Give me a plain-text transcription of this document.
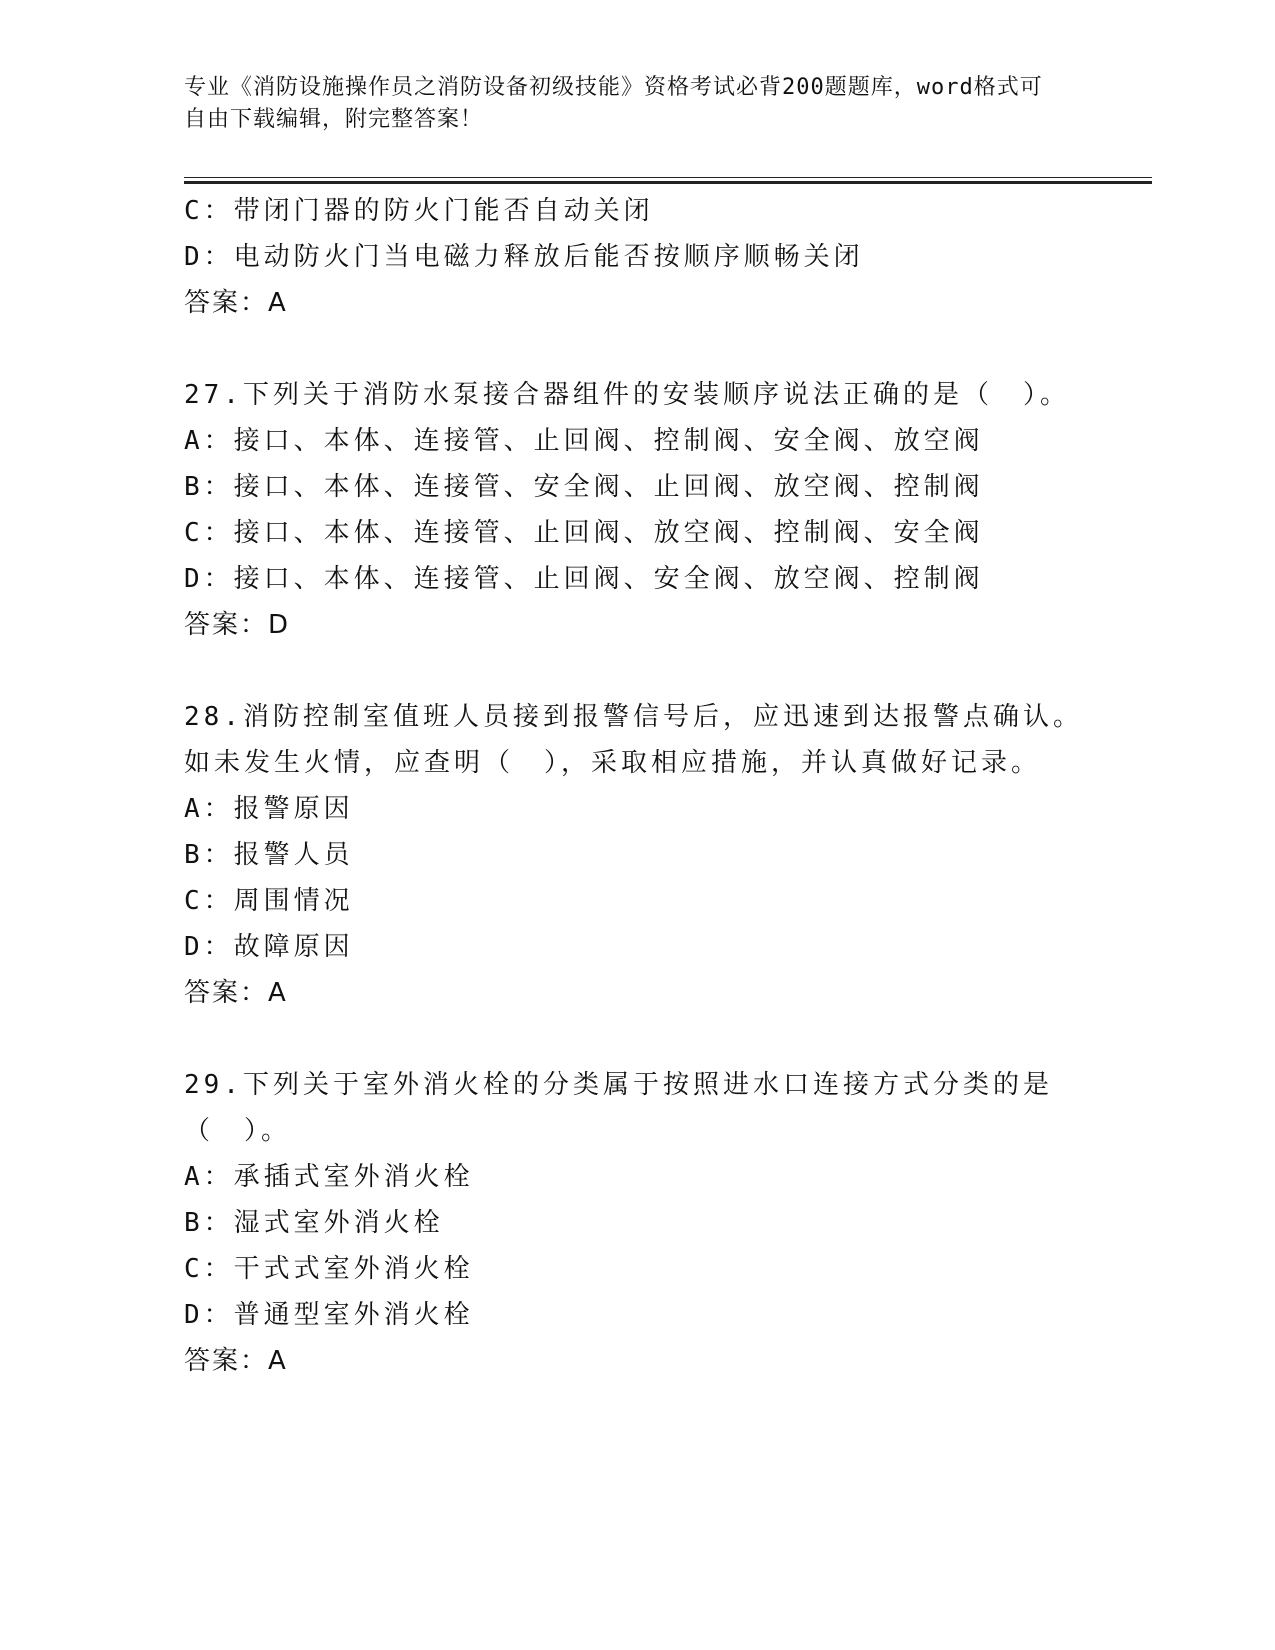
专业《消防设施操作员之消防设备初级技能》资格考试必背200题题库，word格式可自由下载编辑，附完整答案！
C：带闭门器的防火门能否自动关闭
D：电动防火门当电磁力释放后能否按顺序顺畅关闭
答案：A
27.下列关于消防水泵接合器组件的安装顺序说法正确的是（　）。
A：接口、本体、连接管、止回阀、控制阀、安全阀、放空阀
B：接口、本体、连接管、安全阀、止回阀、放空阀、控制阀
C：接口、本体、连接管、止回阀、放空阀、控制阀、安全阀
D：接口、本体、连接管、止回阀、安全阀、放空阀、控制阀
答案：D
28.消防控制室值班人员接到报警信号后，应迅速到达报警点确认。如未发生火情，应查明（　），采取相应措施，并认真做好记录。
A：报警原因
B：报警人员
C：周围情况
D：故障原因
答案：A
29.下列关于室外消火栓的分类属于按照进水口连接方式分类的是（　）。
A：承插式室外消火栓
B：湿式室外消火栓
C：干式式室外消火栓
D：普通型室外消火栓
答案：A
